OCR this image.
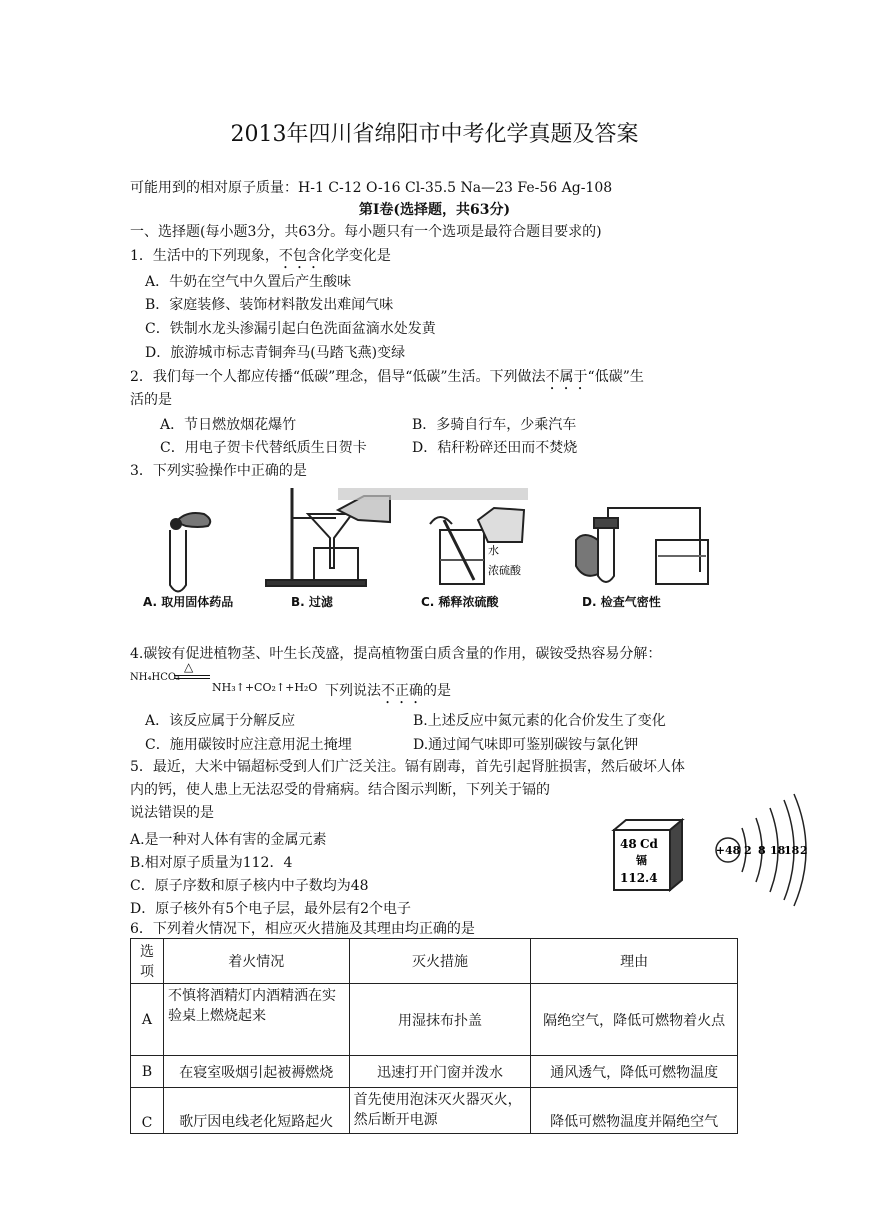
2013年四川省绵阳市中考化学真题及答案
可能用到的相对原子质量：H-1 C-12 O-16 Cl-35.5 Na—23 Fe-56 Ag-108
第Ⅰ卷(选择题，共63分)
一、选择题(每小题3分，共63分。每小题只有一个选项是最符合题目要求的)
1．生活中的下列现象，不包含化学变化是
A．牛奶在空气中久置后产生酸味
B．家庭装修、装饰材料散发出难闻气味
C．铁制水龙头渗漏引起白色洗面盆滴水处发黄
D．旅游城市标志青铜奔马(马踏飞燕)变绿
2．我们每一个人都应传播“低碳”理念，倡导“低碳”生活。下列做法不属于“低碳”生
活的是
A．节日燃放烟花爆竹	B．多骑自行车，少乘汽车
C．用电子贺卡代替纸质生日贺卡	D．秸秆粉碎还田而不焚烧
3．下列实验操作中正确的是
水
浓硫酸
A. 取用固体药品	B. 过滤	C. 稀释浓硫酸	D. 检查气密性
4.碳铵有促进植物茎、叶生长茂盛，提高植物蛋白质含量的作用，碳铵受热容易分解：
NH₄HCO₃
△
NH₃↑+CO₂↑+H₂O 下列说法不正确的是
A．该反应属于分解反应	B.上述反应中氮元素的化合价发生了变化
C．施用碳铵时应注意用泥土掩埋	D.通过闻气味即可鉴别碳铵与氯化钾
5．最近，大米中镉超标受到人们广泛关注。镉有剧毒，首先引起肾脏损害，然后破坏人体
内的钙，使人患上无法忍受的骨痛病。结合图示判断，下列关于镉的
说法错误的是
A.是一种对人体有害的金属元素
B.相对原子质量为112．4
C．原子序数和原子核内中子数均为48
D．原子核外有5个电子层，最外层有2个电子
48 Cd
镉
112.4
+48 2 8 18
18 2
6．下列着火情况下，相应灭火措施及其理由均正确的是
选项	着火情况	灭火措施	理由
A	不慎将酒精灯内酒精洒在实验桌上燃烧起来	用湿抹布扑盖	隔绝空气，降低可燃物着火点
B	在寝室吸烟引起被褥燃烧	迅速打开门窗并泼水	通风透气，降低可燃物温度
C	歌厅因电线老化短路起火	首先使用泡沫灭火器灭火，然后断开电源	降低可燃物温度并隔绝空气
